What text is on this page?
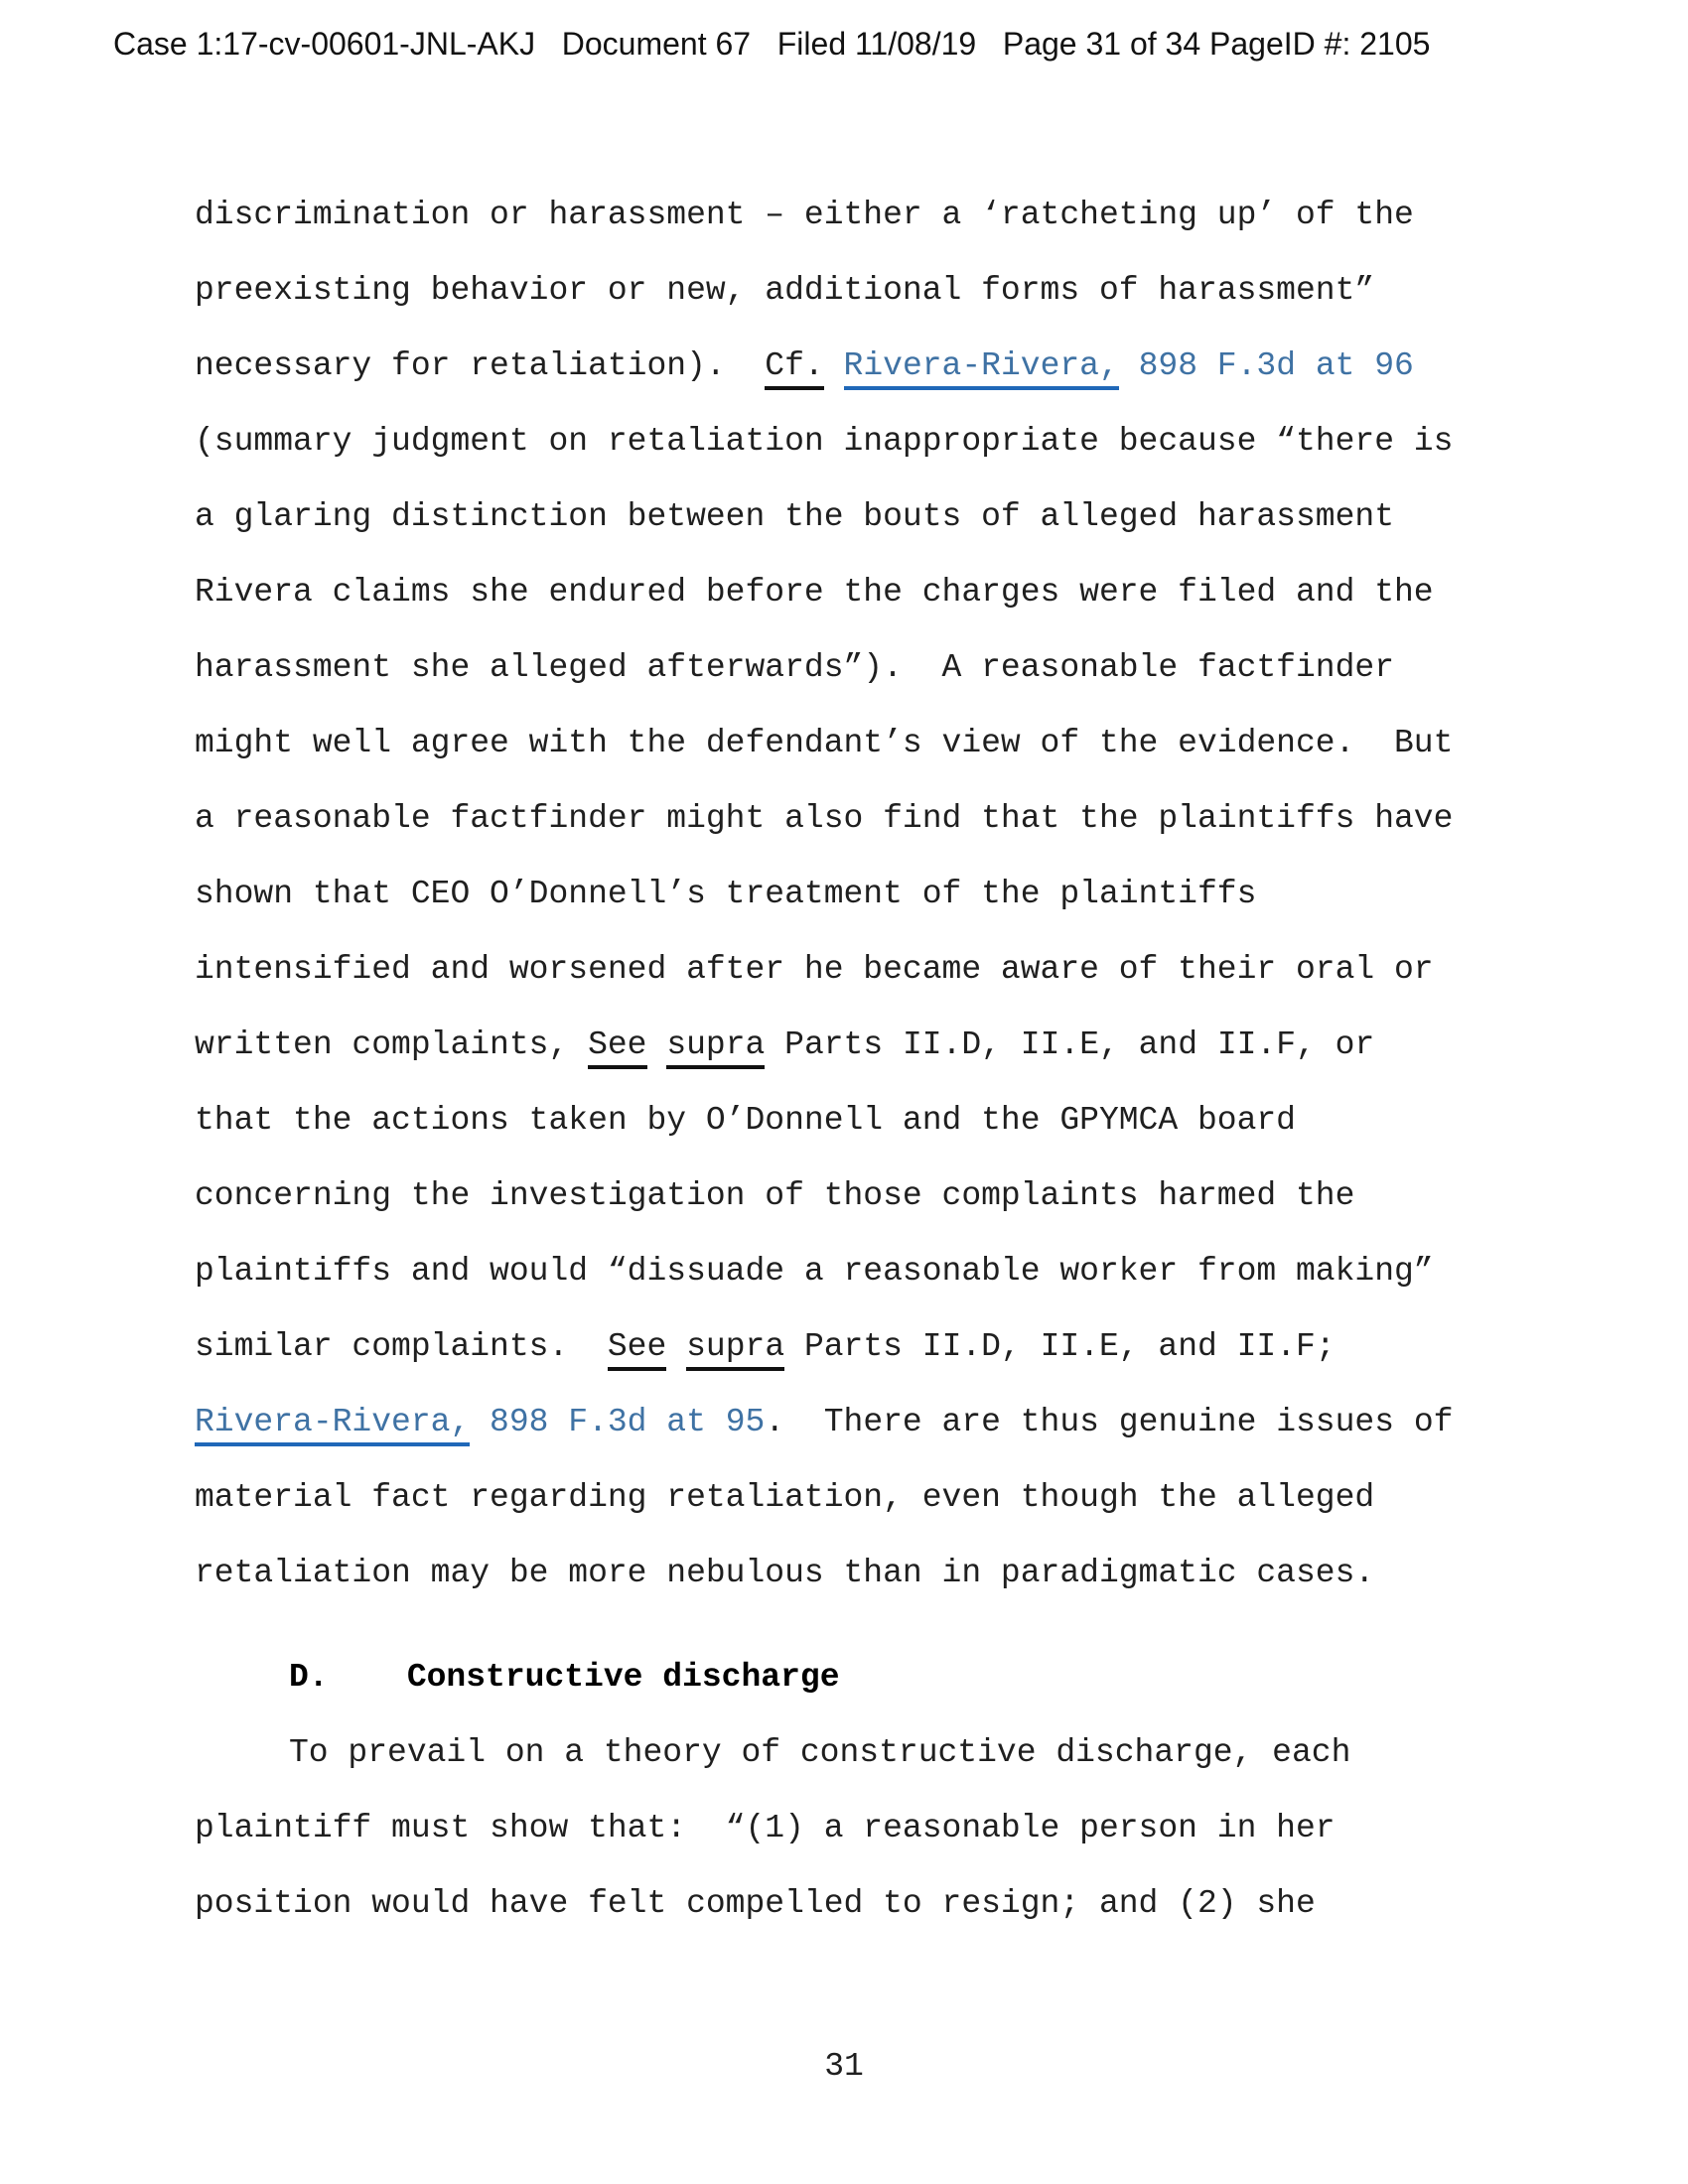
Case 1:17-cv-00601-JNL-AKJ   Document 67   Filed 11/08/19   Page 31 of 34 PageID #: 2105
discrimination or harassment – either a ‘ratcheting up’ of the
preexisting behavior or new, additional forms of harassment”
necessary for retaliation).  Cf. Rivera-Rivera, 898 F.3d at 96
(summary judgment on retaliation inappropriate because “there is
a glaring distinction between the bouts of alleged harassment
Rivera claims she endured before the charges were filed and the
harassment she alleged afterwards”).  A reasonable factfinder
might well agree with the defendant’s view of the evidence.  But
a reasonable factfinder might also find that the plaintiffs have
shown that CEO O’Donnell’s treatment of the plaintiffs
intensified and worsened after he became aware of their oral or
written complaints, See supra Parts II.D, II.E, and II.F, or
that the actions taken by O’Donnell and the GPYMCA board
concerning the investigation of those complaints harmed the
plaintiffs and would “dissuade a reasonable worker from making”
similar complaints.  See supra Parts II.D, II.E, and II.F;
Rivera-Rivera, 898 F.3d at 95.  There are thus genuine issues of
material fact regarding retaliation, even though the alleged
retaliation may be more nebulous than in paradigmatic cases.
D. Constructive discharge
To prevail on a theory of constructive discharge, each
plaintiff must show that:  “(1) a reasonable person in her
position would have felt compelled to resign; and (2) she
31
